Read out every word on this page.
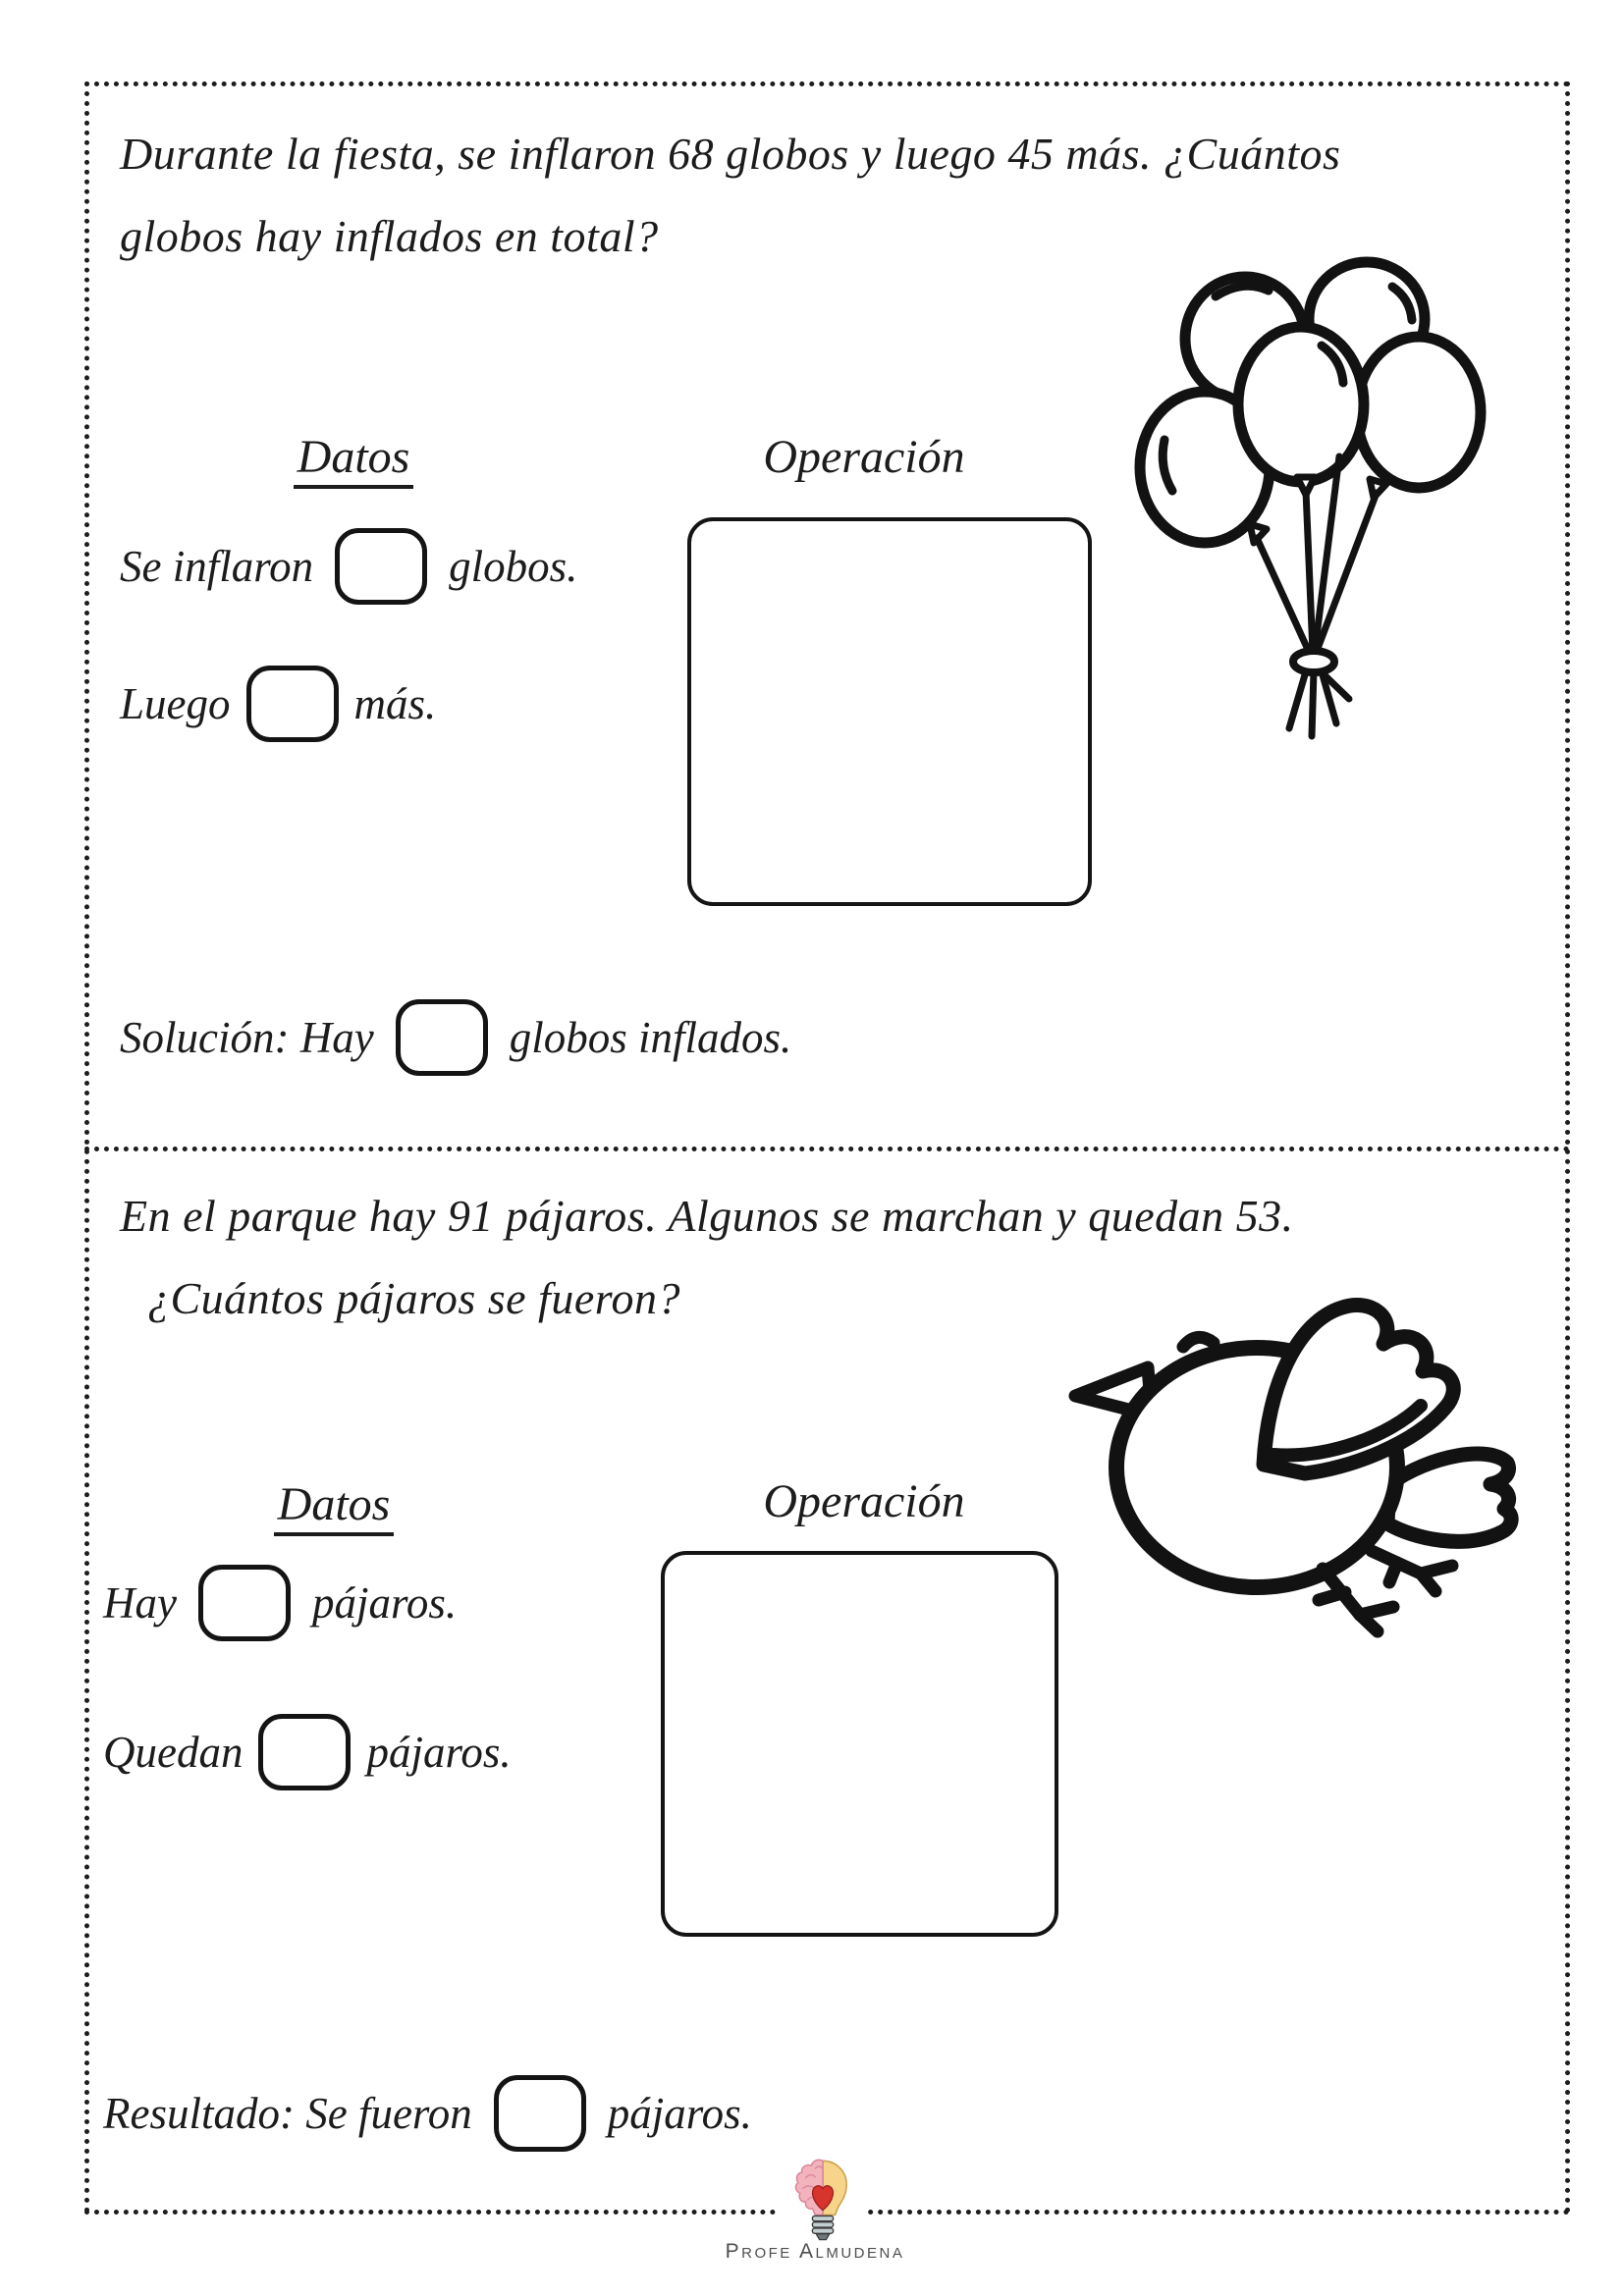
Durante la fiesta, se inflaron 68 globos y luego 45 más. ¿Cuántos
globos hay inflados en total?
Datos	Operación
Se inflaron	globos.
Luego	más.
Solución: Hay	globos inflados.
En el parque hay 91 pájaros. Algunos se marchan y quedan 53.
¿Cuántos pájaros se fueron?
Datos	Operación
Hay	pájaros.
Quedan	pájaros.
Resultado: Se fueron	pájaros.
Profe Almudena
